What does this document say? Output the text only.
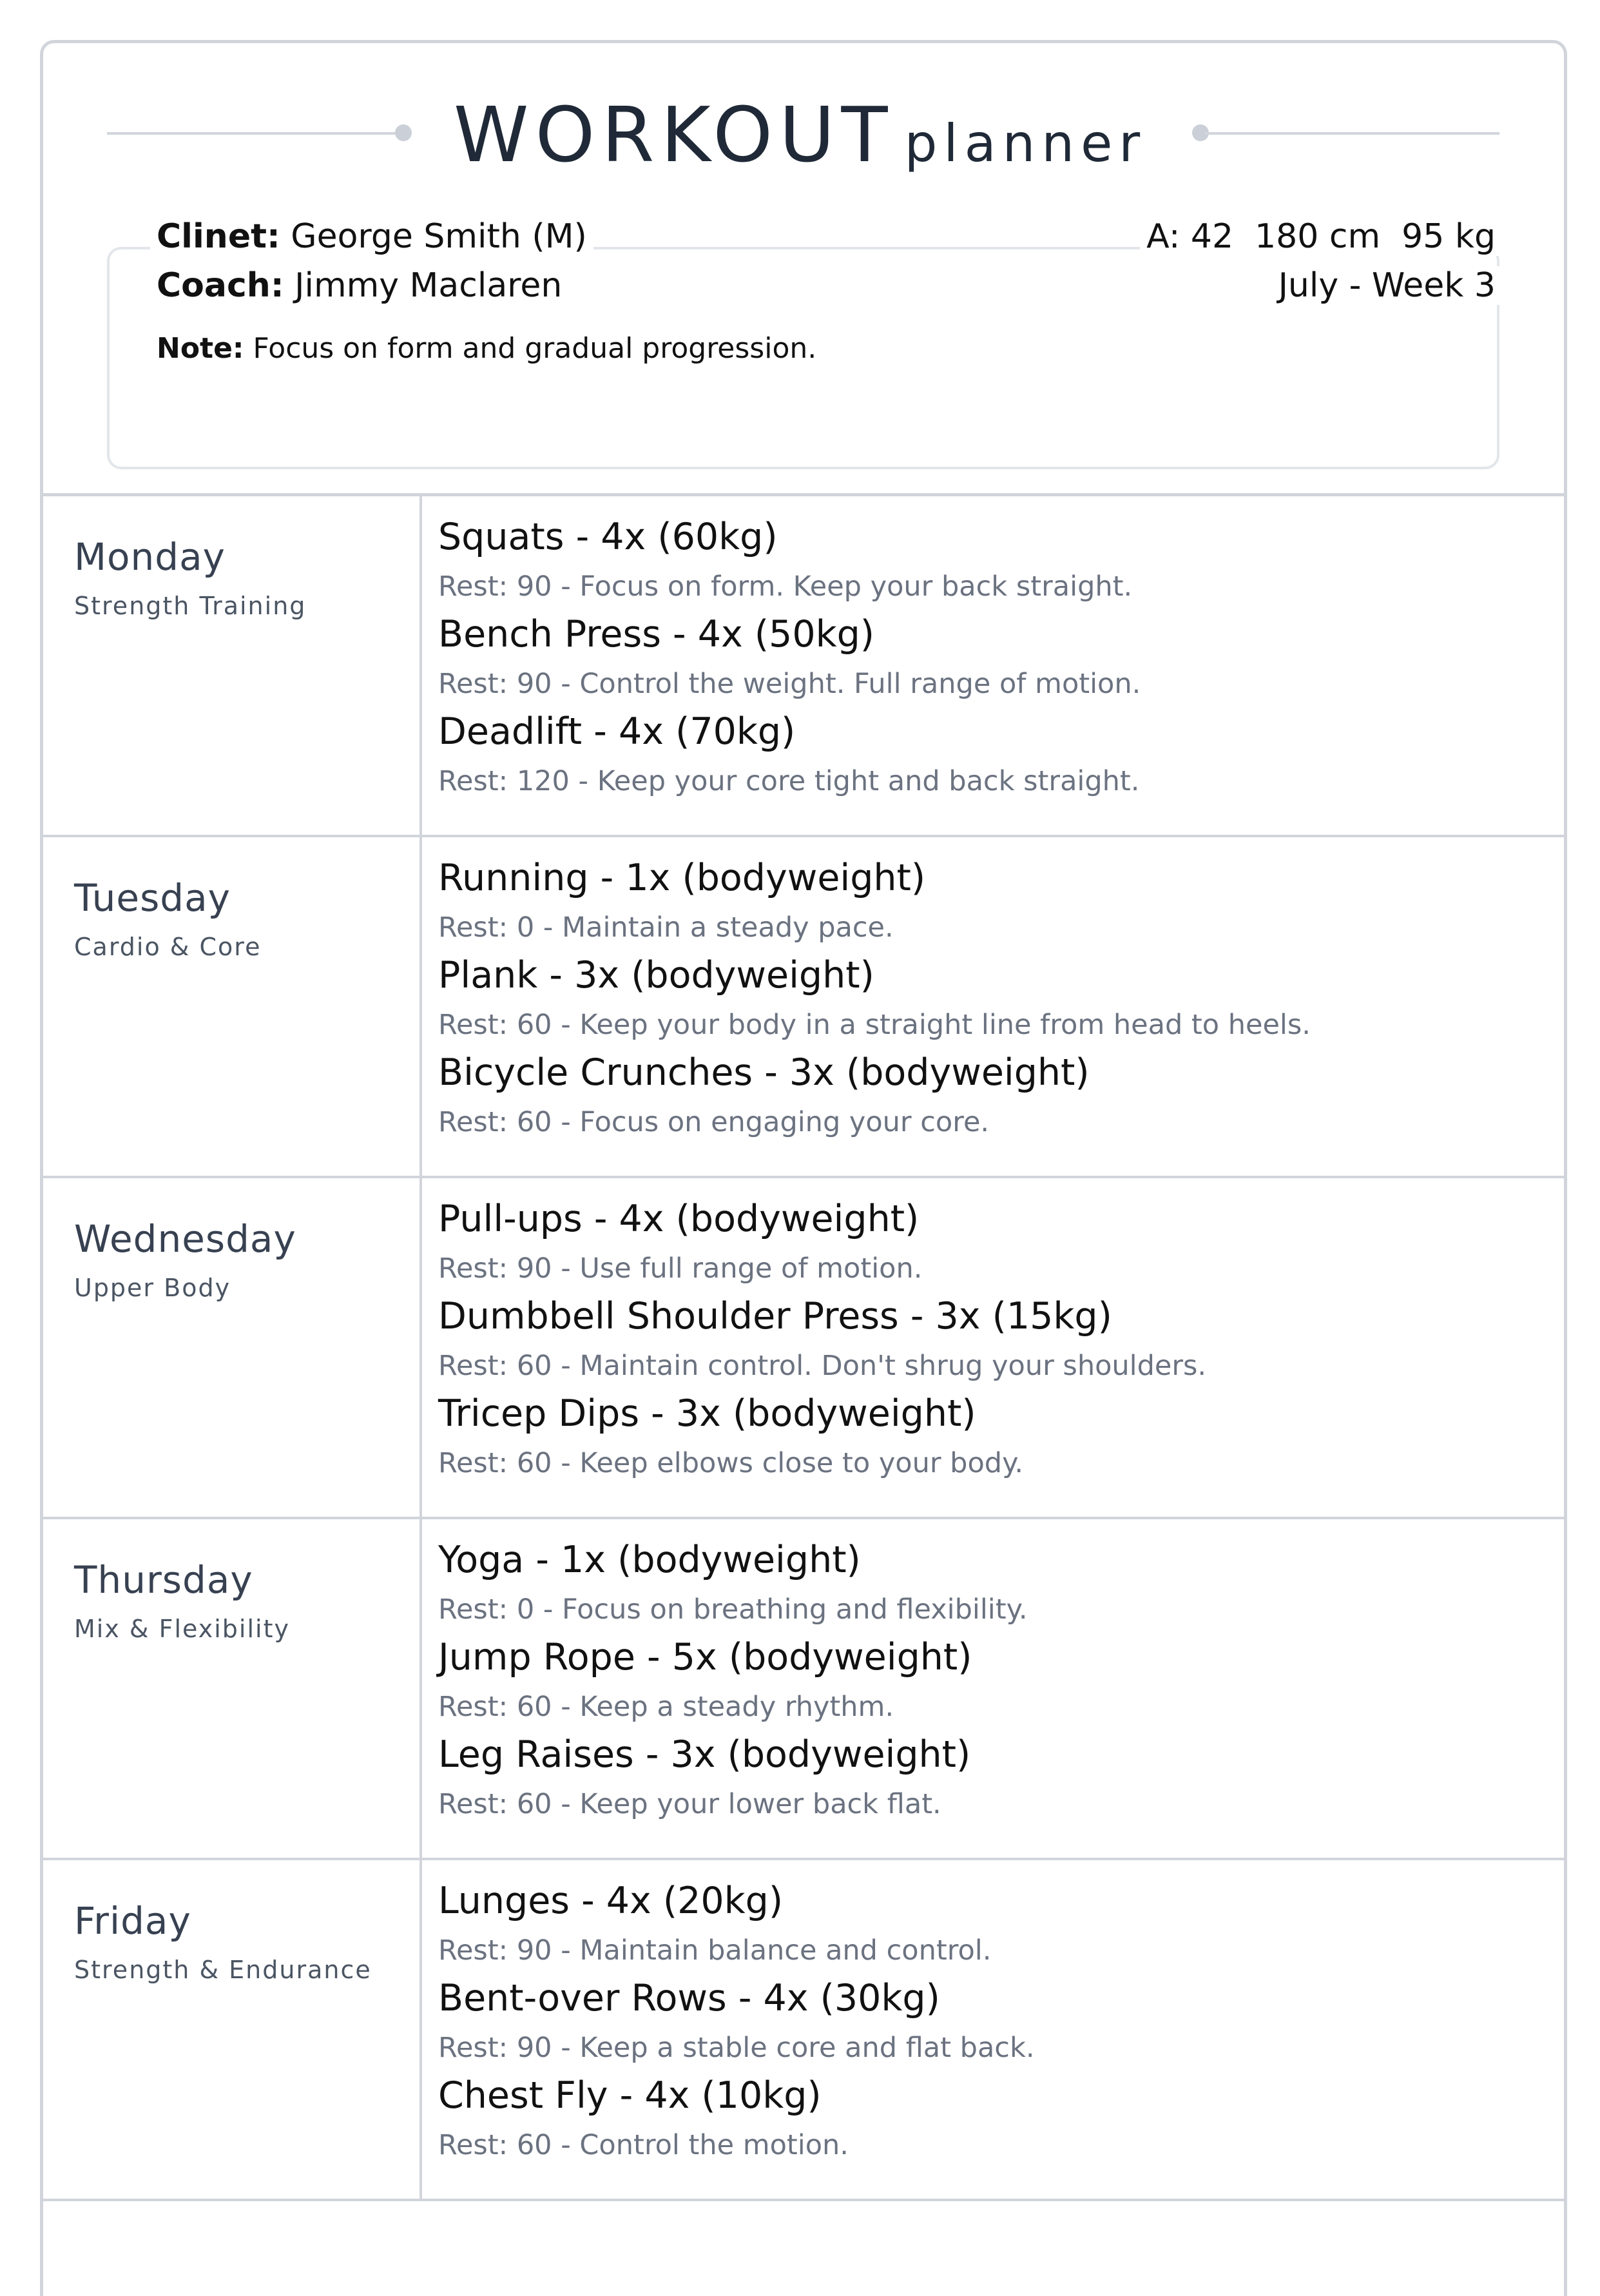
WORKOUT planner
Clinet: George Smith (M)
Coach: Jimmy Maclaren
A: 42  180 cm  95 kg
July - Week 3
Note: Focus on form and gradual progression.
Monday
Strength Training
Squats - 4x (60kg)
Rest: 90 - Focus on form. Keep your back straight.
Bench Press - 4x (50kg)
Rest: 90 - Control the weight. Full range of motion.
Deadlift - 4x (70kg)
Rest: 120 - Keep your core tight and back straight.
Tuesday
Cardio & Core
Running - 1x (bodyweight)
Rest: 0 - Maintain a steady pace.
Plank - 3x (bodyweight)
Rest: 60 - Keep your body in a straight line from head to heels.
Bicycle Crunches - 3x (bodyweight)
Rest: 60 - Focus on engaging your core.
Wednesday
Upper Body
Pull-ups - 4x (bodyweight)
Rest: 90 - Use full range of motion.
Dumbbell Shoulder Press - 3x (15kg)
Rest: 60 - Maintain control. Don't shrug your shoulders.
Tricep Dips - 3x (bodyweight)
Rest: 60 - Keep elbows close to your body.
Thursday
Mix & Flexibility
Yoga - 1x (bodyweight)
Rest: 0 - Focus on breathing and flexibility.
Jump Rope - 5x (bodyweight)
Rest: 60 - Keep a steady rhythm.
Leg Raises - 3x (bodyweight)
Rest: 60 - Keep your lower back flat.
Friday
Strength & Endurance
Lunges - 4x (20kg)
Rest: 90 - Maintain balance and control.
Bent-over Rows - 4x (30kg)
Rest: 90 - Keep a stable core and flat back.
Chest Fly - 4x (10kg)
Rest: 60 - Control the motion.
